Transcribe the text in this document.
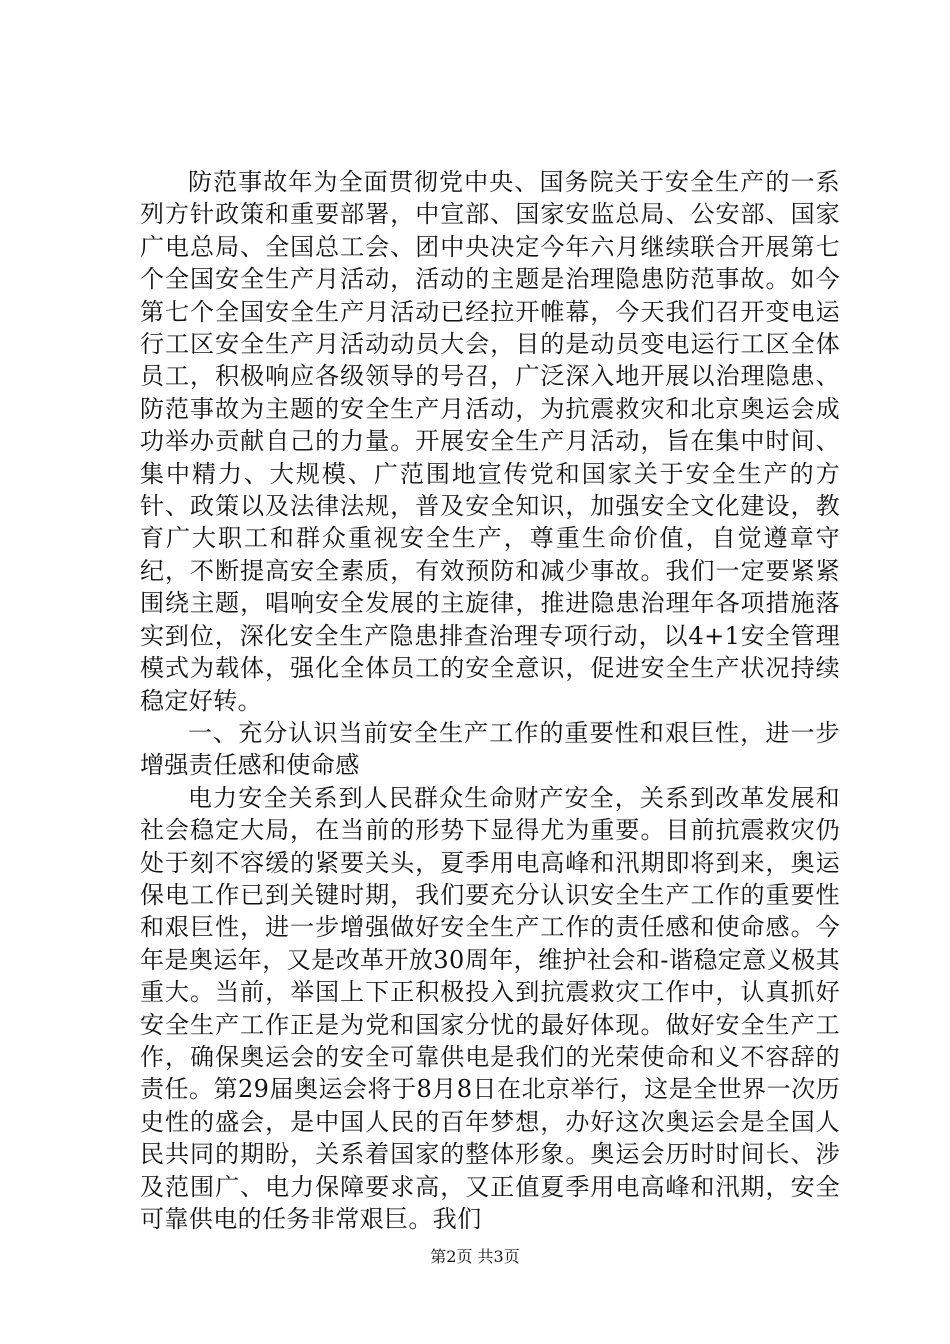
防范事故年为全面贯彻党中央、国务院关于安全生产的一系列方针政策和重要部署，中宣部、国家安监总局、公安部、国家广电总局、全国总工会、团中央决定今年六月继续联合开展第七个全国安全生产月活动，活动的主题是治理隐患防范事故。如今第七个全国安全生产月活动已经拉开帷幕，今天我们召开变电运行工区安全生产月活动动员大会，目的是动员变电运行工区全体员工，积极响应各级领导的号召，广泛深入地开展以治理隐患、防范事故为主题的安全生产月活动，为抗震救灾和北京奥运会成功举办贡献自己的力量。开展安全生产月活动，旨在集中时间、集中精力、大规模、广范围地宣传党和国家关于安全生产的方针、政策以及法律法规，普及安全知识，加强安全文化建设，教育广大职工和群众重视安全生产，尊重生命价值，自觉遵章守纪，不断提高安全素质，有效预防和减少事故。我们一定要紧紧围绕主题，唱响安全发展的主旋律，推进隐患治理年各项措施落实到位，深化安全生产隐患排查治理专项行动，以4+1安全管理模式为载体，强化全体员工的安全意识，促进安全生产状况持续稳定好转。

一、充分认识当前安全生产工作的重要性和艰巨性，进一步增强责任感和使命感

电力安全关系到人民群众生命财产安全，关系到改革发展和社会稳定大局，在当前的形势下显得尤为重要。目前抗震救灾仍处于刻不容缓的紧要关头，夏季用电高峰和汛期即将到来，奥运保电工作已到关键时期，我们要充分认识安全生产工作的重要性和艰巨性，进一步增强做好安全生产工作的责任感和使命感。今年是奥运年，又是改革开放30周年，维护社会和-谐稳定意义极其重大。当前，举国上下正积极投入到抗震救灾工作中，认真抓好安全生产工作正是为党和国家分忧的最好体现。做好安全生产工作，确保奥运会的安全可靠供电是我们的光荣使命和义不容辞的责任。第29届奥运会将于8月8日在北京举行，这是全世界一次历史性的盛会，是中国人民的百年梦想，办好这次奥运会是全国人民共同的期盼，关系着国家的整体形象。奥运会历时时间长、涉及范围广、电力保障要求高，又正值夏季用电高峰和汛期，安全可靠供电的任务非常艰巨。我们

第2页 共3页
